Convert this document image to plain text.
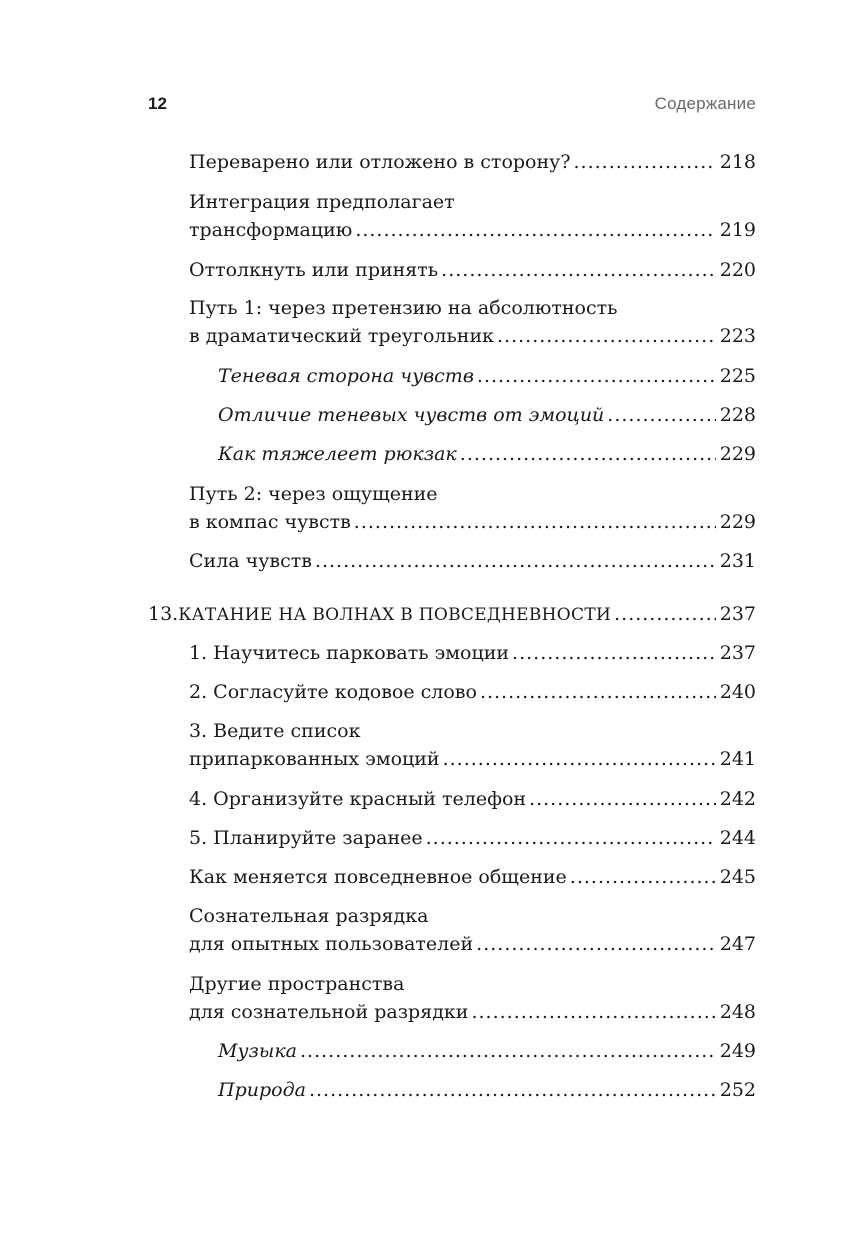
12	Содержание
Переварено или отложено в сторону? .....	218
Интеграция предполагает
трансформацию .....	219
Оттолкнуть или принять .....	220
Путь 1: через претензию на абсолютность
в драматический треугольник .....	223
Теневая сторона чувств .....	225
Отличие теневых чувств от эмоций .....	228
Как тяжелеет рюкзак .....	229
Путь 2: через ощущение
в компас чувств .....	229
Сила чувств .....	231
13. КАТАНИЕ НА ВОЛНАХ В ПОВСЕДНЕВНОСТИ .....	237
1. Научитесь парковать эмоции .....	237
2. Согласуйте кодовое слово .....	240
3. Ведите список
припаркованных эмоций .....	241
4. Организуйте красный телефон .....	242
5. Планируйте заранее .....	244
Как меняется повседневное общение .....	245
Сознательная разрядка
для опытных пользователей .....	247
Другие пространства
для сознательной разрядки .....	248
Музыка .....	249
Природа .....	252
